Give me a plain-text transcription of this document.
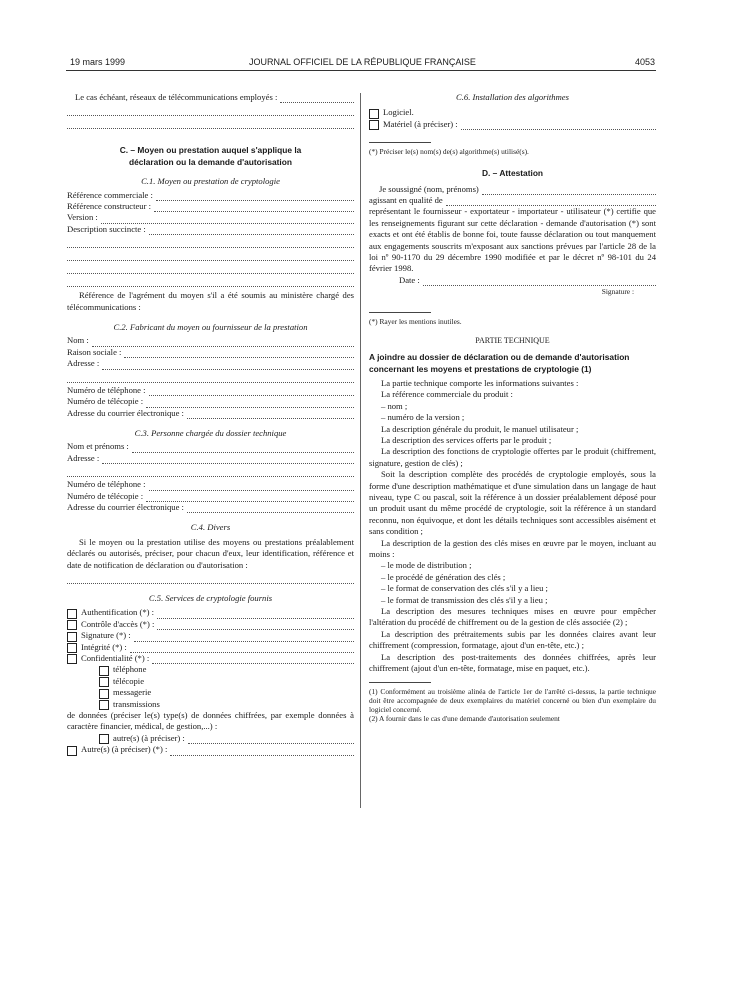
19 mars 1999	JOURNAL OFFICIEL DE LA RÉPUBLIQUE FRANÇAISE	4053
Le cas échéant, réseaux de télécommunications employés :

C. – Moyen ou prestation auquel s'applique la déclaration ou la demande d'autorisation

C.1. Moyen ou prestation de cryptologie

Référence commerciale :
Référence constructeur :
Version :
Description succincte :

Référence de l'agrément du moyen s'il a été soumis au ministère chargé des télécommunications :

C.2. Fabricant du moyen ou fournisseur de la prestation

Nom :
Raison sociale :
Adresse :
Numéro de téléphone :
Numéro de télécopie :
Adresse du courrier électronique :

C.3. Personne chargée du dossier technique

Nom et prénoms :
Adresse :
Numéro de téléphone :
Numéro de télécopie :
Adresse du courrier électronique :

C.4. Divers

Si le moyen ou la prestation utilise des moyens ou prestations préalablement déclarés ou autorisés, préciser, pour chacun d'eux, leur identification, référence et date de notification de déclaration ou d'autorisation :

C.5. Services de cryptologie fournis

Authentification (*) :
Contrôle d'accès (*) :
Signature (*) :
Intégrité (*) :
Confidentialité (*) :
téléphone
télécopie
messagerie
transmissions

de données (préciser le(s) type(s) de données chiffrées, par exemple données à caractère financier, médical, de gestion,...) :

autre(s) (à préciser) :
Autre(s) (à préciser) (*) :

C.6. Installation des algorithmes

Logiciel.
Matériel (à préciser) :

(*) Préciser le(s) nom(s) de(s) algorithme(s) utilisé(s).

D. – Attestation

Je soussigné (nom, prénoms)
agissant en qualité de

représentant le fournisseur - exportateur - importateur - utilisateur (*) certifie que les renseignements figurant sur cette déclaration - demande d'autorisation (*) sont exacts et ont été établis de bonne foi, toute fausse déclaration ou tout manquement aux engagements souscrits m'exposant aux sanctions prévues par l'article 28 de la loi nº 90-1170 du 29 décembre 1990 modifiée et par le décret nº 98-101 du 24 février 1998.

Date :

Signature :

(*) Rayer les mentions inutiles.

PARTIE TECHNIQUE

A joindre au dossier de déclaration ou de demande d'autorisation concernant les moyens et prestations de cryptologie (1)

La partie technique comporte les informations suivantes :

La référence commerciale du produit :

– nom ;

– numéro de la version ;

La description générale du produit, le manuel utilisateur ;

La description des services offerts par le produit ;

La description des fonctions de cryptologie offertes par le produit (chiffrement, signature, gestion de clés) ;

Soit la description complète des procédés de cryptologie employés, sous la forme d'une description mathématique et d'une simulation dans un langage de haut niveau, type C ou pascal, soit la référence à un dossier préalablement déposé pour un produit usant du même procédé de cryptologie, soit la référence à un standard reconnu, non équivoque, et dont les détails techniques sont accessibles aisément et sans condition ;

La description de la gestion des clés mises en œuvre par le moyen, incluant au moins :

– le mode de distribution ;

– le procédé de génération des clés ;

– le format de conservation des clés s'il y a lieu ;

– le format de transmission des clés s'il y a lieu ;

La description des mesures techniques mises en œuvre pour empêcher l'altération du procédé de chiffrement ou de la gestion de clés associée (2) ;

La description des prétraitements subis par les données claires avant leur chiffrement (compression, formatage, ajout d'un en-tête, etc.) ;

La description des post-traitements des données chiffrées, après leur chiffrement (ajout d'un en-tête, formatage, mise en paquet, etc.).

(1) Conformément au troisième alinéa de l'article 1er de l'arrêté ci-dessus, la partie technique doit être accompagnée de deux exemplaires du matériel concerné ou bien d'un exemplaire du logiciel concerné.

(2) A fournir dans le cas d'une demande d'autorisation seulement
